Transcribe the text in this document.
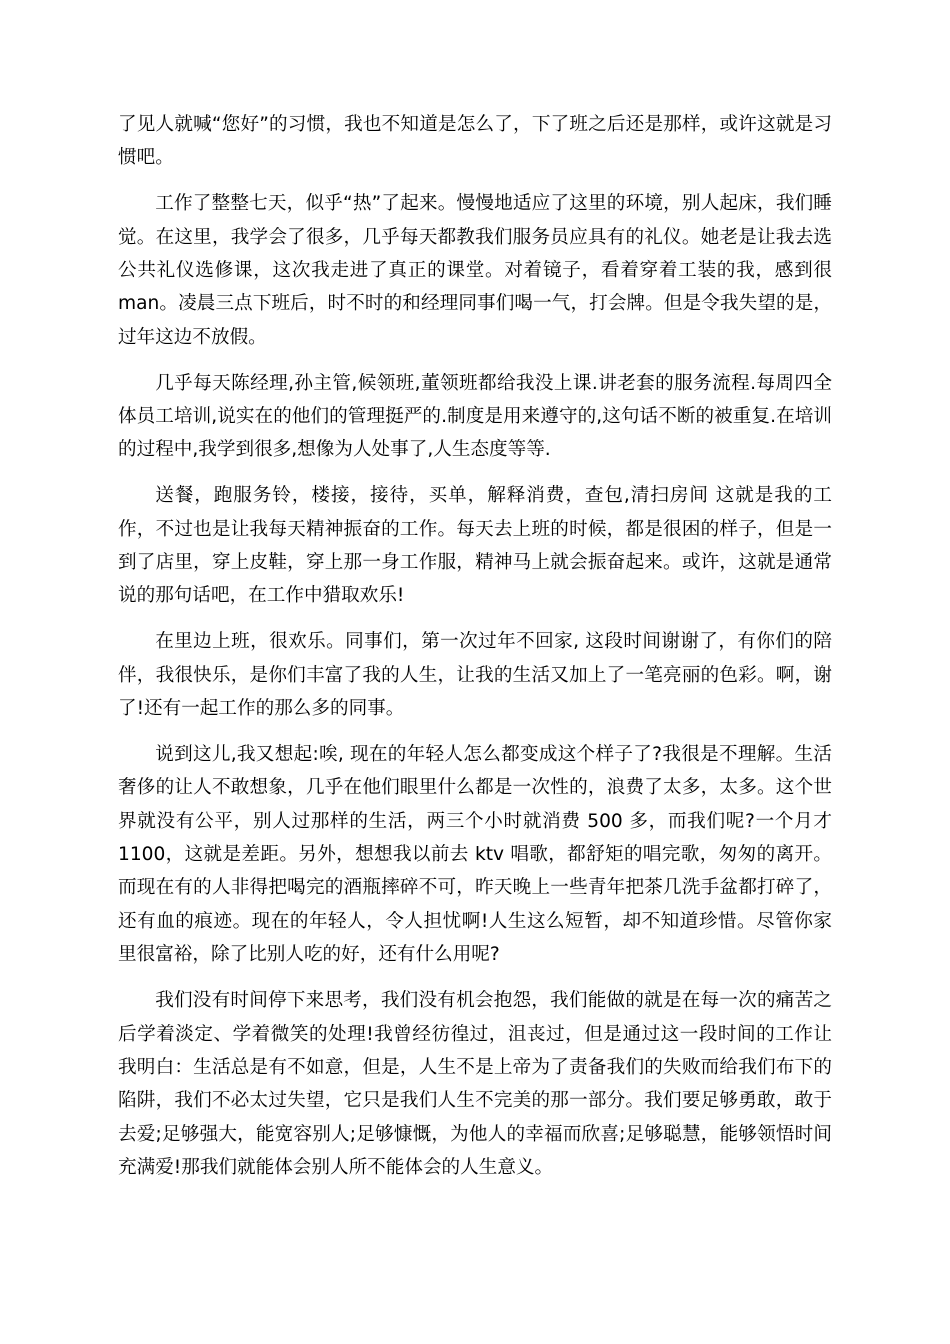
了见人就喊“您好”的习惯，我也不知道是怎么了，下了班之后还是那样，或许这就是习惯吧。

工作了整整七天，似乎“热”了起来。慢慢地适应了这里的环境，别人起床，我们睡觉。在这里，我学会了很多，几乎每天都教我们服务员应具有的礼仪。她老是让我去选公共礼仪选修课，这次我走进了真正的课堂。对着镜子，看着穿着工装的我，感到很 man。凌晨三点下班后，时不时的和经理同事们喝一气，打会牌。但是令我失望的是，过年这边不放假。

几乎每天陈经理,孙主管,候领班,董领班都给我没上课.讲老套的服务流程.每周四全体员工培训,说实在的他们的管理挺严的.制度是用来遵守的,这句话不断的被重复.在培训的过程中,我学到很多,想像为人处事了,人生态度等等.

送餐，跑服务铃，楼接，接待，买单，解释消费，查包,清扫房间 这就是我的工作，不过也是让我每天精神振奋的工作。每天去上班的时候，都是很困的样子，但是一到了店里，穿上皮鞋，穿上那一身工作服，精神马上就会振奋起来。或许，这就是通常说的那句话吧，在工作中猎取欢乐!

在里边上班，很欢乐。同事们，第一次过年不回家, 这段时间谢谢了，有你们的陪伴，我很快乐，是你们丰富了我的人生，让我的生活又加上了一笔亮丽的色彩。啊，谢了!还有一起工作的那么多的同事。

说到这儿,我又想起:唉, 现在的年轻人怎么都变成这个样子了?我很是不理解。生活奢侈的让人不敢想象，几乎在他们眼里什么都是一次性的，浪费了太多，太多。这个世界就没有公平，别人过那样的生活，两三个小时就消费 500 多，而我们呢?一个月才 1100，这就是差距。另外，想想我以前去 ktv 唱歌，都舒矩的唱完歌，匆匆的离开。而现在有的人非得把喝完的酒瓶摔碎不可，昨天晚上一些青年把茶几洗手盆都打碎了，还有血的痕迹。现在的年轻人，令人担忧啊!人生这么短暂，却不知道珍惜。尽管你家里很富裕，除了比别人吃的好，还有什么用呢?

我们没有时间停下来思考，我们没有机会抱怨，我们能做的就是在每一次的痛苦之后学着淡定、学着微笑的处理!我曾经彷徨过，沮丧过，但是通过这一段时间的工作让我明白：生活总是有不如意，但是，人生不是上帝为了责备我们的失败而给我们布下的陷阱，我们不必太过失望，它只是我们人生不完美的那一部分。我们要足够勇敢，敢于去爱;足够强大，能宽容别人;足够慷慨，为他人的幸福而欣喜;足够聪慧，能够领悟时间充满爱!那我们就能体会别人所不能体会的人生意义。
